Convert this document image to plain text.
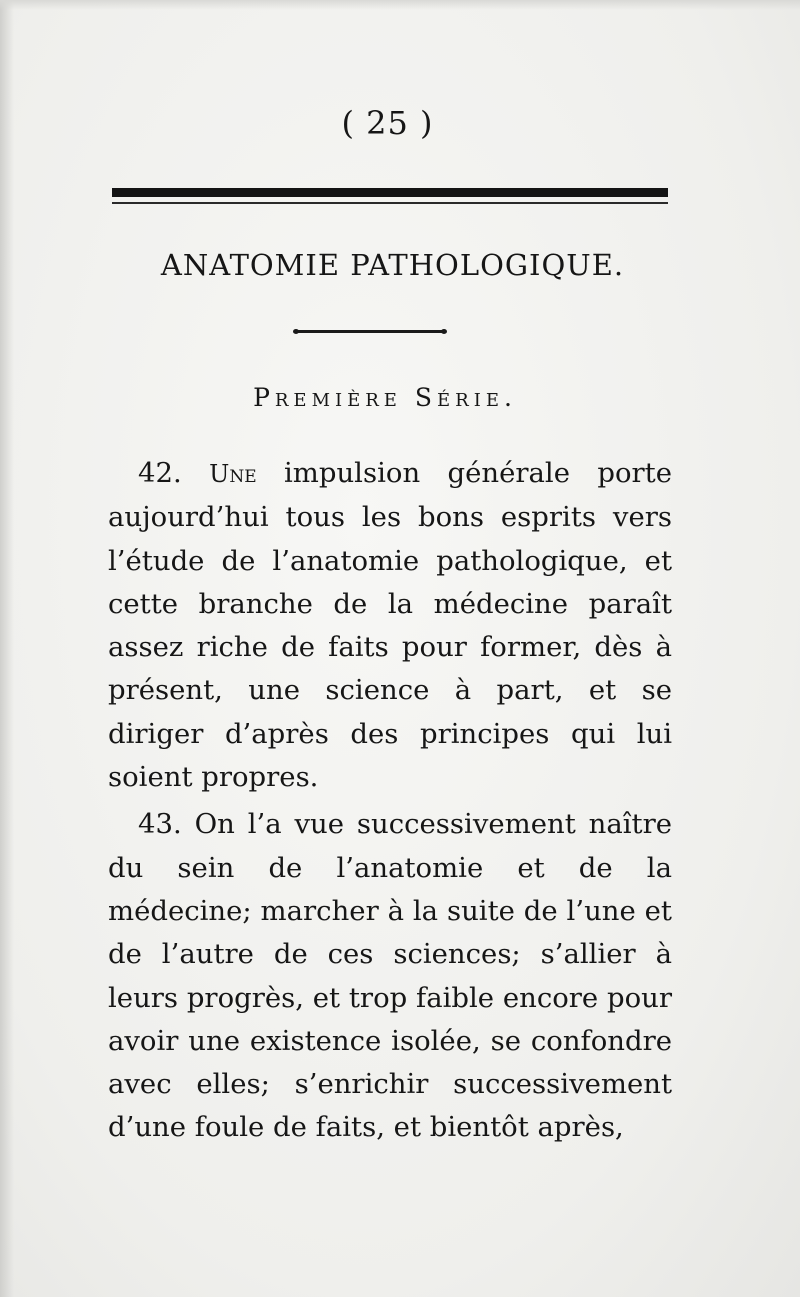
( 25 )
ANATOMIE PATHOLOGIQUE.
Première Série.

42. Une impulsion générale porte aujourd’hui tous les bons esprits vers l’étude de l’anatomie pathologique, et cette branche de la médecine paraît assez riche de faits pour former, dès à présent, une science à part, et se diriger d’après des principes qui lui soient propres.

43. On l’a vue successivement naître du sein de l’anatomie et de la médecine; marcher à la suite de l’une et de l’autre de ces sciences; s’allier à leurs progrès, et trop faible encore pour avoir une existence isolée, se confondre avec elles; s’enrichir successivement d’une foule de faits, et bientôt après,
